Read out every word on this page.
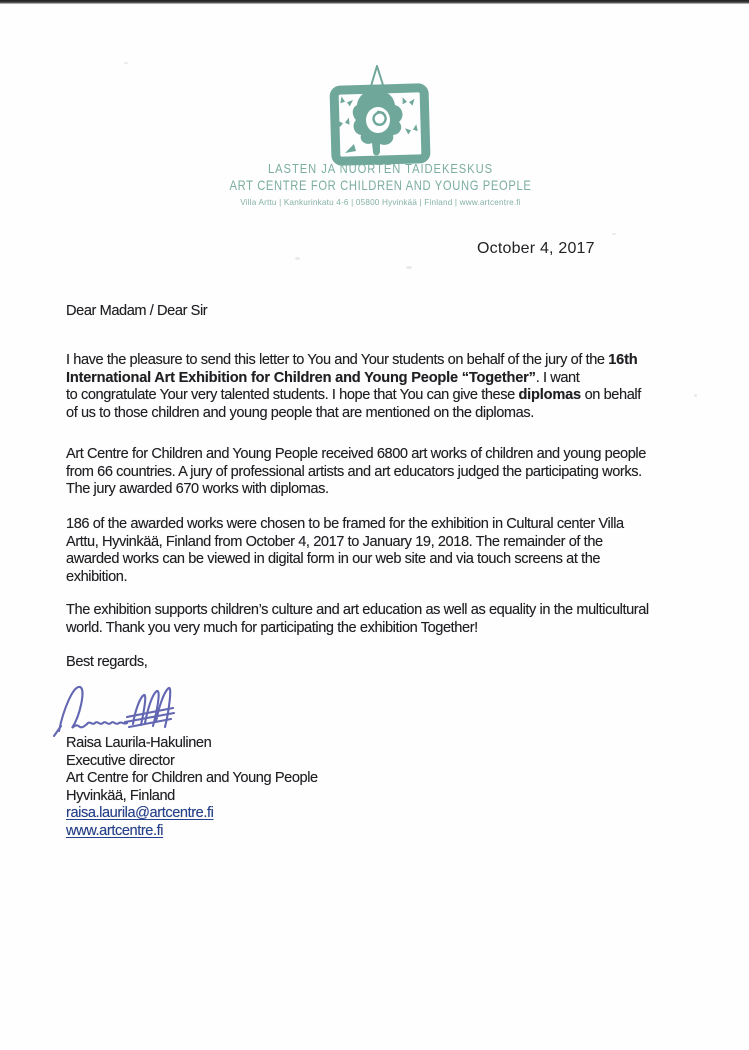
LASTEN JA NUORTEN TAIDEKESKUS
ART CENTRE FOR CHILDREN AND YOUNG PEOPLE
Villa Arttu | Kankurinkatu 4-6 | 05800 Hyvinkää | Finland | www.artcentre.fi
October 4, 2017
Dear Madam / Dear Sir
I have the pleasure to send this letter to You and Your students on behalf of the jury of the 16th
International Art Exhibition for Children and Young People “Together”. I want
to congratulate Your very talented students. I hope that You can give these diplomas on behalf
of us to those children and young people that are mentioned on the diplomas.
Art Centre for Children and Young People received 6800 art works of children and young people
from 66 countries. A jury of professional artists and art educators judged the participating works.
The jury awarded 670 works with diplomas.
186 of the awarded works were chosen to be framed for the exhibition in Cultural center Villa
Arttu, Hyvinkää, Finland from October 4, 2017 to January 19, 2018. The remainder of the
awarded works can be viewed in digital form in our web site and via touch screens at the
exhibition.
The exhibition supports children’s culture and art education as well as equality in the multicultural
world. Thank you very much for participating the exhibition Together!
Best regards,
Raisa Laurila-Hakulinen
Executive director
Art Centre for Children and Young People
Hyvinkää, Finland
raisa.laurila@artcentre.fi
www.artcentre.fi
